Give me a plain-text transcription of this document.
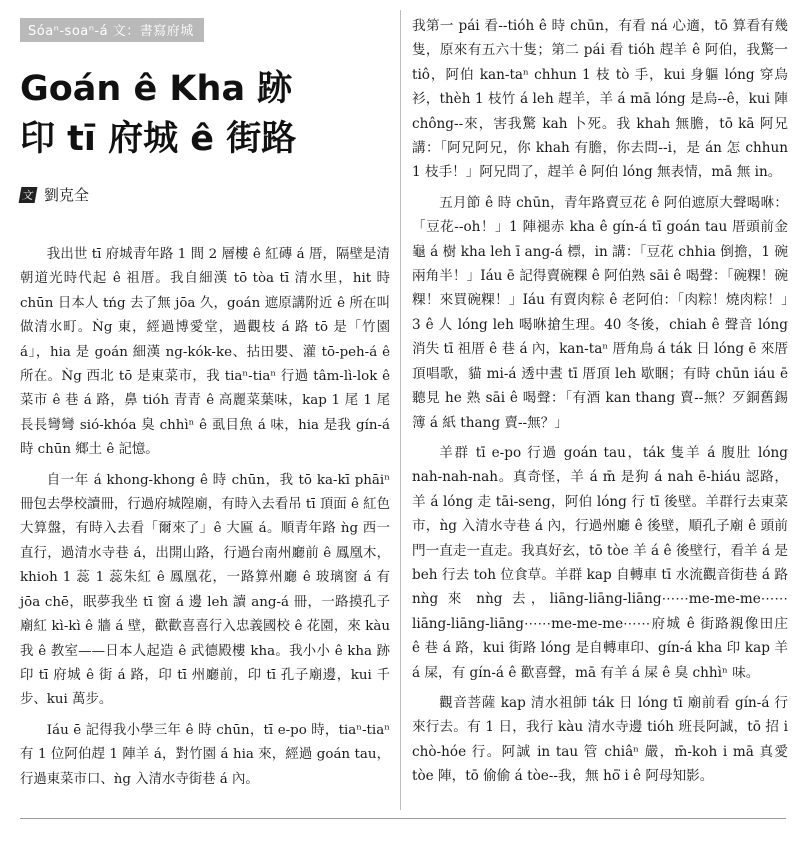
Sóaⁿ-soaⁿ-á 文：書寫府城
Goán ê Kha 跡
印 tī 府城 ê 街路
文 劉克全

我出世 tī 府城青年路 1 間 2 層樓 ê 紅磚 á 厝，隔壁是清朝道光時代起 ê 祖厝。我自細漢 tō tòa tī 清水里，hit 時 chūn 日本人 tńg 去了無 jōa 久，goán 遮原講附近 ê 所在叫做清水町。Ǹg 東，經過博愛堂，過觀枝 á 路 tō 是「竹園 á」，hia 是 goán 細漢 ng-kók-ke、拈田嬰、灌 tō-peh-á ê 所在。Ǹg 西北 tō 是東菜市，我 tiaⁿ-tiaⁿ 行過 tâm-lì-lok ê 菜市 ê 巷 á 路，鼻 tióh 青青 ê 高麗菜葉味，kap 1 尾 1 尾長長彎彎 sió-khóa 臭 chhìⁿ ê 虱目魚 á 味，hia 是我 gín-á 時 chūn 鄉土 ê 記憶。

自一年 á khong-khong ê 時 chūn，我 tō ka-kī phāiⁿ 冊包去學校讀冊，行過府城隍廟，有時入去看吊 tī 頂面 ê 紅色大算盤，有時入去看「爾來了」ê 大匾 á。順青年路 ǹg 西一直行，過清水寺巷 á，出開山路，行過台南州廳前 ê 鳳凰木，khioh 1 蕊 1 蕊朱紅 ê 鳳凰花，一路算州廳 ê 玻璃窗 á 有 jōa chē，眠夢我坐 tī 窗 á 邊 leh 讀 ang-á 冊，一路摸孔子廟紅 kì-kì ê 牆 á 壁，歡歡喜喜行入忠義國校 ê 花園，來 kàu 我 ê 教室——日本人起造 ê 武德殿樓 kha。我小小 ê kha 跡印 tī 府城 ê 街 á 路，印 tī 州廳前，印 tī 孔子廟邊，kui 千步、kui 萬步。

Iáu ē 記得我小學三年 ê 時 chūn，tī e-po 時，tiaⁿ-tiaⁿ 有 1 位阿伯趕 1 陣羊 á，對竹園 á hia 來，經過 goán tau，行過東菜市口、ǹg 入清水寺街巷 á 內。

我第一 pái 看--tióh ê 時 chūn，有看 ná 心適，tō 算看有幾隻，原來有五六十隻；第二 pái 看 tióh 趕羊 ê 阿伯，我驚一 tiô，阿伯 kan-taⁿ chhun 1 枝 tò 手，kui 身軀 lóng 穿烏衫，thèh 1 枝竹 á leh 趕羊，羊 á mā lóng 是烏--ê，kui 陣 chông--來，害我驚 kah 卜死。我 khah 無膽，tō kā 阿兄講：「阿兄阿兄，你 khah 有膽，你去問--i，是 án 怎 chhun 1 枝手！」阿兄問了，趕羊 ê 阿伯 lóng 無表情，mā 無 in。

五月節 ê 時 chūn，青年路賣豆花 ê 阿伯遮原大聲喝咻：「豆花--oh！」1 陣褪赤 kha ê gín-á tī goán tau 厝頭前金龜 á 樹 kha leh ī ang-á 標，in 講：「豆花 chhia 倒擔，1 碗兩角半！」Iáu ē 記得賣碗粿 ê 阿伯熟 sāi ê 喝聲：「碗粿！碗粿！來買碗粿！」Iáu 有賣肉粽 ê 老阿伯：「肉粽！燒肉粽！」3 ê 人 lóng leh 喝咻搶生理。40 冬後，chiah ê 聲音 lóng 消失 tī 祖厝 ê 巷 á 內，kan-taⁿ 厝角鳥 á ták 日 lóng ē 來厝頂唱歌，貓 mi-á 透中晝 tī 厝頂 leh 歇睏；有時 chūn iáu ē 聽見 he 熟 sāi ê 喝聲：「有酒 kan thang 賣--無？歹銅舊錫簿 á 紙 thang 賣--無？」

羊群 tī e-po 行過 goán tau，ták 隻羊 á 腹肚 lóng nah-nah-nah。真奇怪，羊 á m̄ 是狗 á nah ē-hiáu 認路，羊 á lóng 走 tāi-seng，阿伯 lóng 行 tī 後壁。羊群行去東菜市，ǹg 入清水寺巷 á 內，行過州廳 ê 後壁，順孔子廟 ê 頭前門一直走一直走。我真好玄，tō tòe 羊 á ê 後壁行，看羊 á 是 beh 行去 toh 位食草。羊群 kap 自轉車 tī 水流觀音街巷 á 路 nǹg 來 nǹg 去，liāng-liāng-liāng⋯⋯me-me-me⋯⋯liāng-liāng-liāng⋯⋯me-me-me⋯⋯府城 ê 街路親像田庄 ê 巷 á 路，kui 街路 lóng 是自轉車印、gín-á kha 印 kap 羊 á 屎，有 gín-á ê 歡喜聲，mā 有羊 á 屎 ê 臭 chhìⁿ 味。

觀音菩薩 kap 清水祖師 ták 日 lóng tī 廟前看 gín-á 行來行去。有 1 日，我行 kàu 清水寺邊 tióh 班長阿誠，tō 招 i chò-hóe 行。阿誠 in tau 管 chiâⁿ 嚴，m̄-koh i mā 真愛 tòe 陣，tō 偷偷 á tòe--我，無 hō͘ i ê 阿母知影。
